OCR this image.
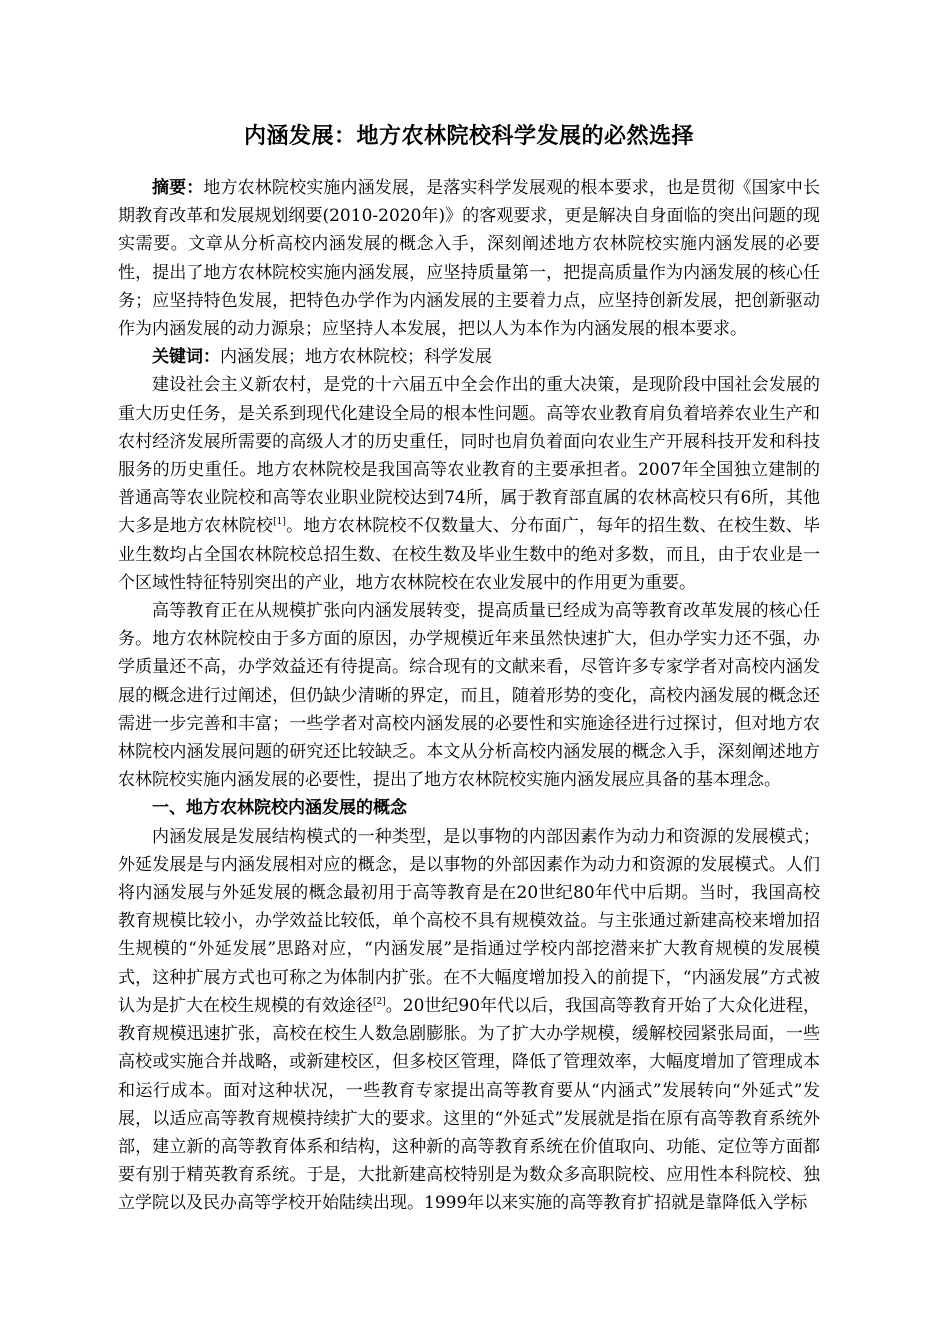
内涵发展：地方农林院校科学发展的必然选择

摘要：地方农林院校实施内涵发展，是落实科学发展观的根本要求，也是贯彻《国家中长期教育改革和发展规划纲要(2010-2020年)》的客观要求，更是解决自身面临的突出问题的现实需要。文章从分析高校内涵发展的概念入手，深刻阐述地方农林院校实施内涵发展的必要性，提出了地方农林院校实施内涵发展，应坚持质量第一，把提高质量作为内涵发展的核心任务；应坚持特色发展，把特色办学作为内涵发展的主要着力点，应坚持创新发展，把创新驱动作为内涵发展的动力源泉；应坚持人本发展，把以人为本作为内涵发展的根本要求。

关键词：内涵发展；地方农林院校；科学发展

建设社会主义新农村，是党的十六届五中全会作出的重大决策，是现阶段中国社会发展的重大历史任务，是关系到现代化建设全局的根本性问题。高等农业教育肩负着培养农业生产和农村经济发展所需要的高级人才的历史重任，同时也肩负着面向农业生产开展科技开发和科技服务的历史重任。地方农林院校是我国高等农业教育的主要承担者。2007年全国独立建制的普通高等农业院校和高等农业职业院校达到74所，属于教育部直属的农林高校只有6所，其他大多是地方农林院校[1]。地方农林院校不仅数量大、分布面广，每年的招生数、在校生数、毕业生数均占全国农林院校总招生数、在校生数及毕业生数中的绝对多数，而且，由于农业是一个区域性特征特别突出的产业，地方农林院校在农业发展中的作用更为重要。

高等教育正在从规模扩张向内涵发展转变，提高质量已经成为高等教育改革发展的核心任务。地方农林院校由于多方面的原因，办学规模近年来虽然快速扩大，但办学实力还不强，办学质量还不高，办学效益还有待提高。综合现有的文献来看，尽管许多专家学者对高校内涵发展的概念进行过阐述，但仍缺少清晰的界定，而且，随着形势的变化，高校内涵发展的概念还需进一步完善和丰富；一些学者对高校内涵发展的必要性和实施途径进行过探讨，但对地方农林院校内涵发展问题的研究还比较缺乏。本文从分析高校内涵发展的概念入手，深刻阐述地方农林院校实施内涵发展的必要性，提出了地方农林院校实施内涵发展应具备的基本理念。

一、地方农林院校内涵发展的概念

内涵发展是发展结构模式的一种类型，是以事物的内部因素作为动力和资源的发展模式；外延发展是与内涵发展相对应的概念，是以事物的外部因素作为动力和资源的发展模式。人们将内涵发展与外延发展的概念最初用于高等教育是在20世纪80年代中后期。当时，我国高校教育规模比较小，办学效益比较低，单个高校不具有规模效益。与主张通过新建高校来增加招生规模的“外延发展”思路对应，“内涵发展”是指通过学校内部挖潜来扩大教育规模的发展模式，这种扩展方式也可称之为体制内扩张。在不大幅度增加投入的前提下，“内涵发展”方式被认为是扩大在校生规模的有效途径[2]。20世纪90年代以后，我国高等教育开始了大众化进程，教育规模迅速扩张，高校在校生人数急剧膨胀。为了扩大办学规模，缓解校园紧张局面，一些高校或实施合并战略，或新建校区，但多校区管理，降低了管理效率，大幅度增加了管理成本和运行成本。面对这种状况，一些教育专家提出高等教育要从“内涵式”发展转向“外延式”发展，以适应高等教育规模持续扩大的要求。这里的“外延式”发展就是指在原有高等教育系统外部，建立新的高等教育体系和结构，这种新的高等教育系统在价值取向、功能、定位等方面都要有别于精英教育系统。于是，大批新建高校特别是为数众多高职院校、应用性本科院校、独立学院以及民办高等学校开始陆续出现。1999年以来实施的高等教育扩招就是靠降低入学标
